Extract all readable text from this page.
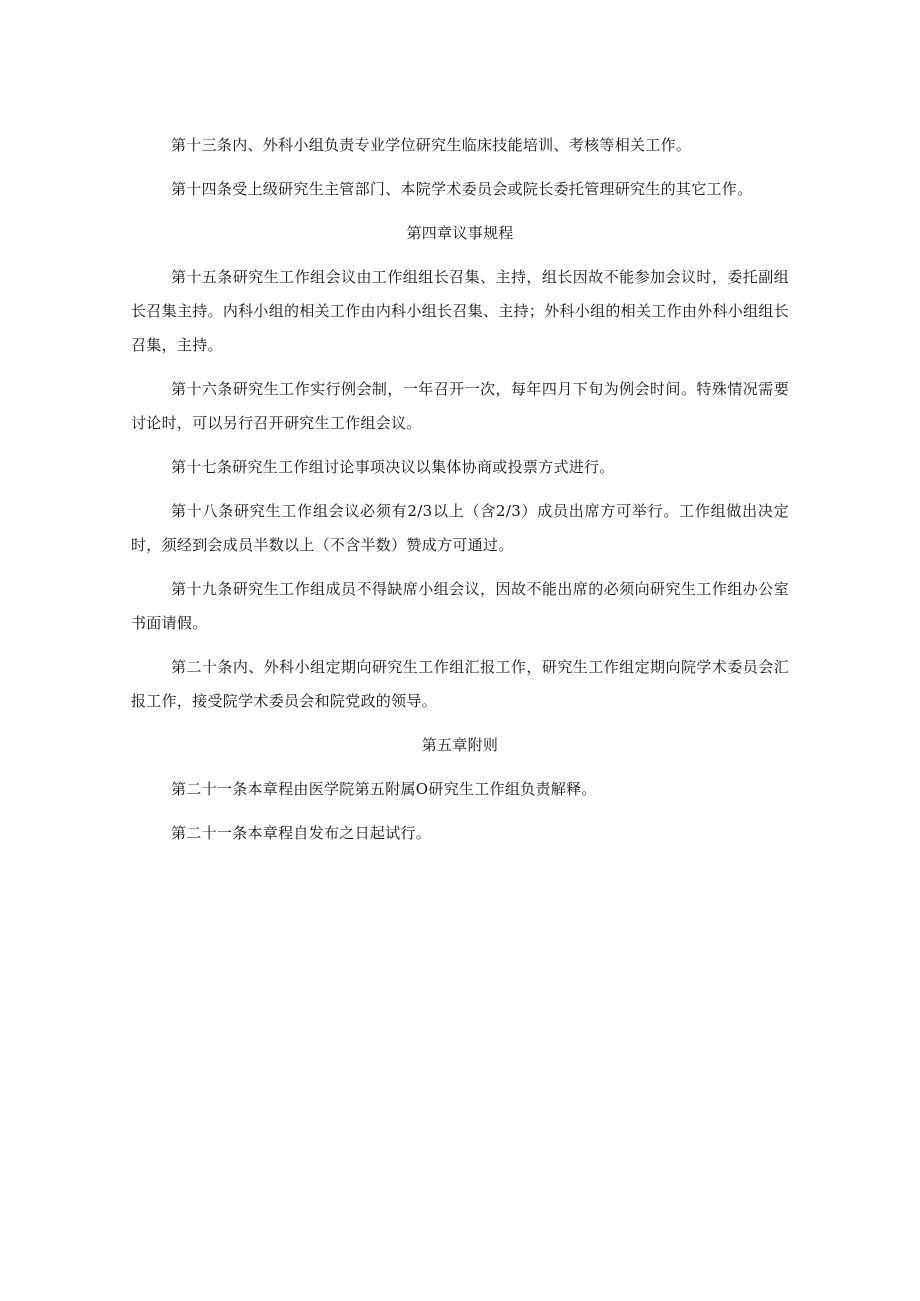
第十三条内、外科小组负责专业学位研究生临床技能培训、考核等相关工作。

第十四条受上级研究生主管部门、本院学术委员会或院长委托管理研究生的其它工作。

第四章议事规程

第十五条研究生工作组会议由工作组组长召集、主持，组长因故不能参加会议时，委托副组长召集主持。内科小组的相关工作由内科小组长召集、主持；外科小组的相关工作由外科小组组长召集，主持。

第十六条研究生工作实行例会制，一年召开一次，每年四月下旬为例会时间。特殊情况需要讨论时，可以另行召开研究生工作组会议。

第十七条研究生工作组讨论事项决议以集体协商或投票方式进行。

第十八条研究生工作组会议必须有2/3以上（含2/3）成员出席方可举行。工作组做出决定时，须经到会成员半数以上（不含半数）赞成方可通过。

第十九条研究生工作组成员不得缺席小组会议，因故不能出席的必须向研究生工作组办公室书面请假。

第二十条内、外科小组定期向研究生工作组汇报工作，研究生工作组定期向院学术委员会汇报工作，接受院学术委员会和院党政的领导。

第五章附则

第二十一条本章程由医学院第五附属O研究生工作组负责解释。

第二十一条本章程自发布之日起试行。
